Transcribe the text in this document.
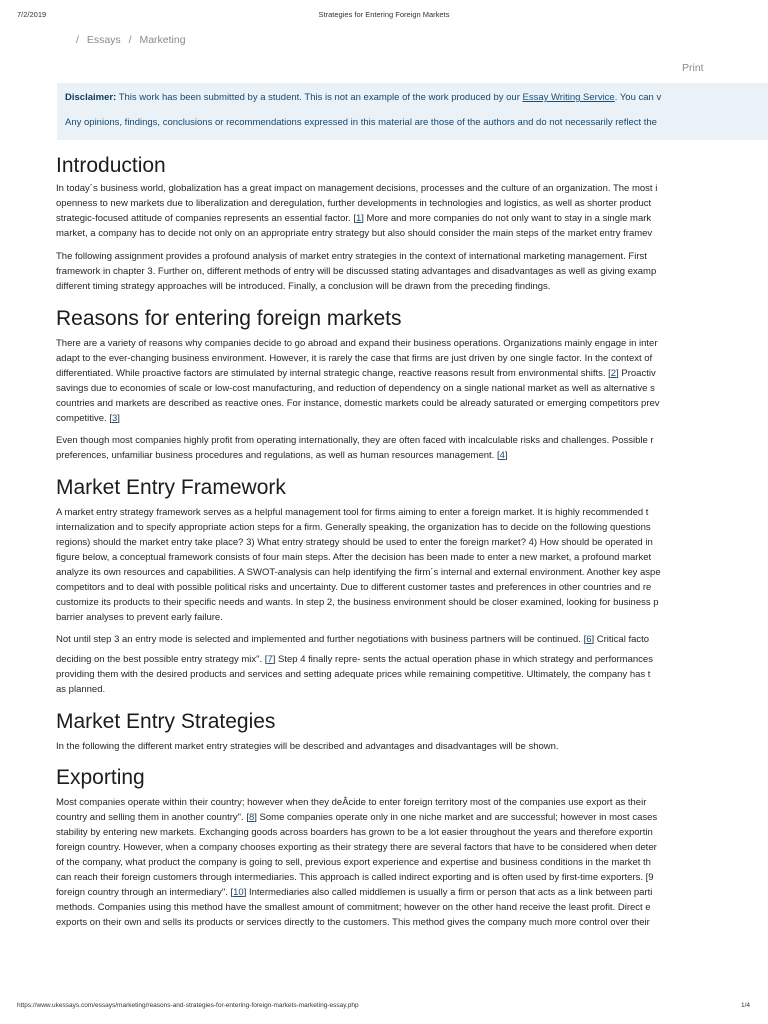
7/2/2019	Strategies for Entering Foreign Markets
/ Essays / Marketing
Print
Disclaimer: This work has been submitted by a student. This is not an example of the work produced by our Essay Writing Service. You can v
Any opinions, findings, conclusions or recommendations expressed in this material are those of the authors and do not necessarily reflect the
Introduction

In today´s business world, globalization has a great impact on management decisions, processes and the culture of an organization. The most i
openness to new markets due to liberalization and deregulation, further developments in technologies and logistics, as well as shorter product
strategic-focused attitude of companies represents an essential factor. [1] More and more companies do not only want to stay in a single mark
market, a company has to decide not only on an appropriate entry strategy but also should consider the main steps of the market entry framev

The following assignment provides a profound analysis of market entry strategies in the context of international marketing management. First
framework in chapter 3. Further on, different methods of entry will be discussed stating advantages and disadvantages as well as giving examp
different timing strategy approaches will be introduced. Finally, a conclusion will be drawn from the preceding findings.

Reasons for entering foreign markets

There are a variety of reasons why companies decide to go abroad and expand their business operations. Organizations mainly engage in inter
adapt to the ever-changing business environment. However, it is rarely the case that firms are just driven by one single factor. In the context of
differentiated. While proactive factors are stimulated by internal strategic change, reactive reasons result from environmental shifts. [2] Proactiv
savings due to economies of scale or low-cost manufacturing, and reduction of dependency on a single national market as well as alternative s
countries and markets are described as reactive ones. For instance, domestic markets could be already saturated or emerging competitors prev
competitive. [3]

Even though most companies highly profit from operating internationally, they are often faced with incalculable risks and challenges. Possible r
preferences, unfamiliar business procedures and regulations, as well as human resources management. [4]

Market Entry Framework

A market entry strategy framework serves as a helpful management tool for firms aiming to enter a foreign market. It is highly recommended t
internalization and to specify appropriate action steps for a firm. Generally speaking, the organization has to decide on the following questions
regions) should the market entry take place? 3) What entry strategy should be used to enter the foreign market? 4) How should be operated in
figure below, a conceptual framework consists of four main steps. After the decision has been made to enter a new market, a profound market
analyze its own resources and capabilities. A SWOT-analysis can help identifying the firm´s internal and external environment. Another key aspe
competitors and to deal with possible political risks and uncertainty. Due to different customer tastes and preferences in other countries and re
customize its products to their specific needs and wants. In step 2, the business environment should be closer examined, looking for business p
barrier analyses to prevent early failure.

Not until step 3 an entry mode is selected and implemented and further negotiations with business partners will be continued. [6] Critical facto

deciding on the best possible entry strategy mix". [7] Step 4 finally repre- sents the actual operation phase in which strategy and performances
providing them with the desired products and services and setting adequate prices while remaining competitive. Ultimately, the company has t
as planned.

Market Entry Strategies

In the following the different market entry strategies will be described and advantages and disadvantages will be shown.

Exporting

Most companies operate within their country; however when they deÂcide to enter foreign territory most of the companies use export as their
country and selling them in another country". [8] Some companies operate only in one niche market and are successful; however in most cases
stability by entering new markets. Exchanging goods across boarders has grown to be a lot easier throughout the years and therefore exportin
foreign country. However, when a company chooses exporting as their strategy there are several factors that have to be considered when deter
of the company, what product the company is going to sell, previous export experience and expertise and business conditions in the market th
can reach their foreign customers through intermediaries. This approach is called indirect exporting and is often used by first-time exporters. [9
foreign country through an intermediary". [10] Intermediaries also called middlemen is usually a firm or person that acts as a link between parti
methods. Companies using this method have the smallest amount of commitment; however on the other hand receive the least profit. Direct e
exports on their own and sells its products or services directly to the customers. This method gives the company much more control over their

https://www.ukessays.com/essays/marketing/reasons-and-strategies-for-entering-foreign-markets-marketing-essay.php	1/4
